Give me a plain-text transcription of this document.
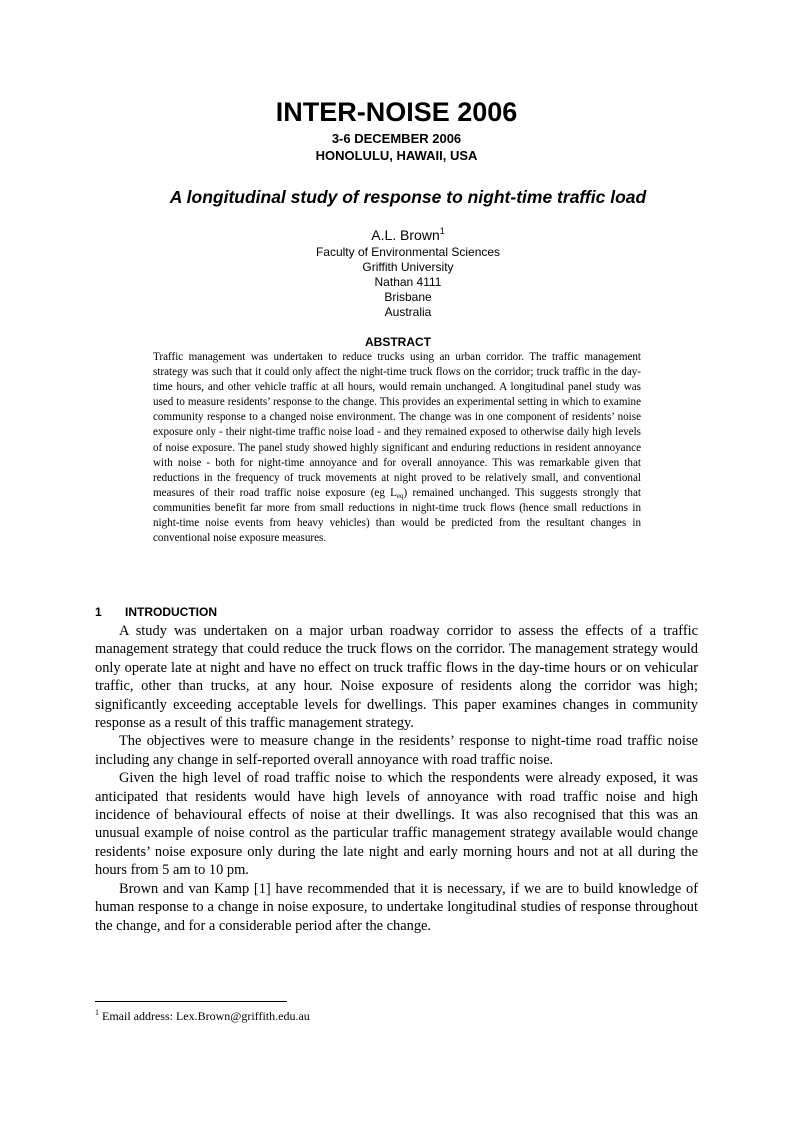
INTER-NOISE 2006
3-6 DECEMBER 2006
HONOLULU, HAWAII, USA
A longitudinal study of response to night-time traffic load
A.L. Brown$^1$
Faculty of Environmental Sciences
Griffith University
Nathan 4111
Brisbane
Australia
ABSTRACT
Traffic management was undertaken to reduce trucks using an urban corridor. The traffic management strategy was such that it could only affect the night-time truck flows on the corridor; truck traffic in the day-time hours, and other vehicle traffic at all hours, would remain unchanged. A longitudinal panel study was used to measure residents’ response to the change. This provides an experimental setting in which to examine community response to a changed noise environment. The change was in one component of residents’ noise exposure only - their night-time traffic noise load - and they remained exposed to otherwise daily high levels of noise exposure. The panel study showed highly significant and enduring reductions in resident annoyance with noise - both for night-time annoyance and for overall annoyance. This was remarkable given that reductions in the frequency of truck movements at night proved to be relatively small, and conventional measures of their road traffic noise exposure (eg $L_{eq}$) remained unchanged. This suggests strongly that communities benefit far more from small reductions in night-time truck flows (hence small reductions in night-time noise events from heavy vehicles) than would be predicted from the resultant changes in conventional noise exposure measures.
1 INTRODUCTION

A study was undertaken on a major urban roadway corridor to assess the effects of a traffic management strategy that could reduce the truck flows on the corridor. The management strategy would only operate late at night and have no effect on truck traffic flows in the day-time hours or on vehicular traffic, other than trucks, at any hour. Noise exposure of residents along the corridor was high; significantly exceeding acceptable levels for dwellings. This paper examines changes in community response as a result of this traffic management strategy.

The objectives were to measure change in the residents’ response to night-time road traffic noise including any change in self-reported overall annoyance with road traffic noise.

Given the high level of road traffic noise to which the respondents were already exposed, it was anticipated that residents would have high levels of annoyance with road traffic noise and high incidence of behavioural effects of noise at their dwellings. It was also recognised that this was an unusual example of noise control as the particular traffic management strategy available would change residents’ noise exposure only during the late night and early morning hours and not at all during the hours from 5 am to 10 pm.

Brown and van Kamp [1] have recommended that it is necessary, if we are to build knowledge of human response to a change in noise exposure, to undertake longitudinal studies of response throughout the change, and for a considerable period after the change.

$^1$ Email address: Lex.Brown@griffith.edu.au
